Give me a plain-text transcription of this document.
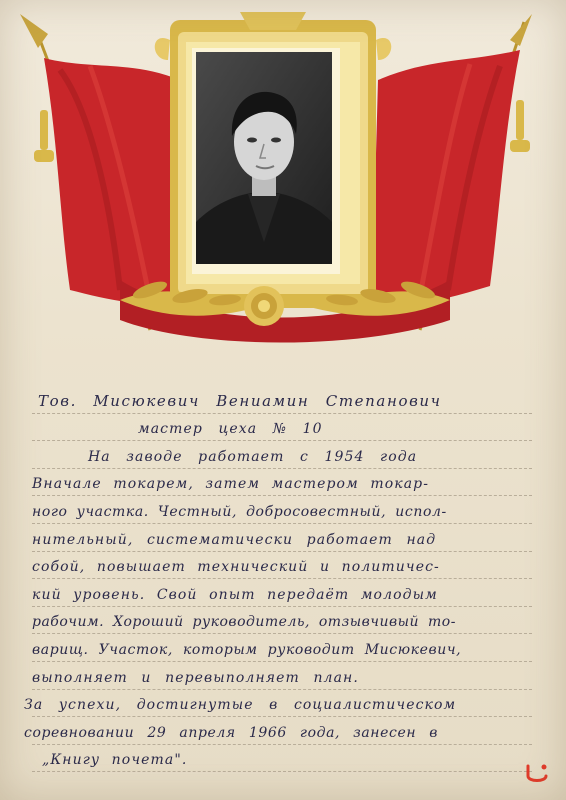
Тов. Мисюкевич Вениамин Степанович
мастер цеха № 10
На заводе работает с 1954 года
Вначале токарем, затем мастером токар-
ного участка. Честный, добросовестный, испол-
нительный, систематически работает над
собой, повышает технический и политичес-
кий уровень. Свой опыт передаёт молодым
рабочим. Хороший руководитель, отзывчивый то-
варищ. Участок, которым руководит Мисюкевич,
выполняет и перевыполняет план.
За успехи, достигнутые в социалистическом
соревновании 29 апреля 1966 года, занесен в
„Книгу почета".
